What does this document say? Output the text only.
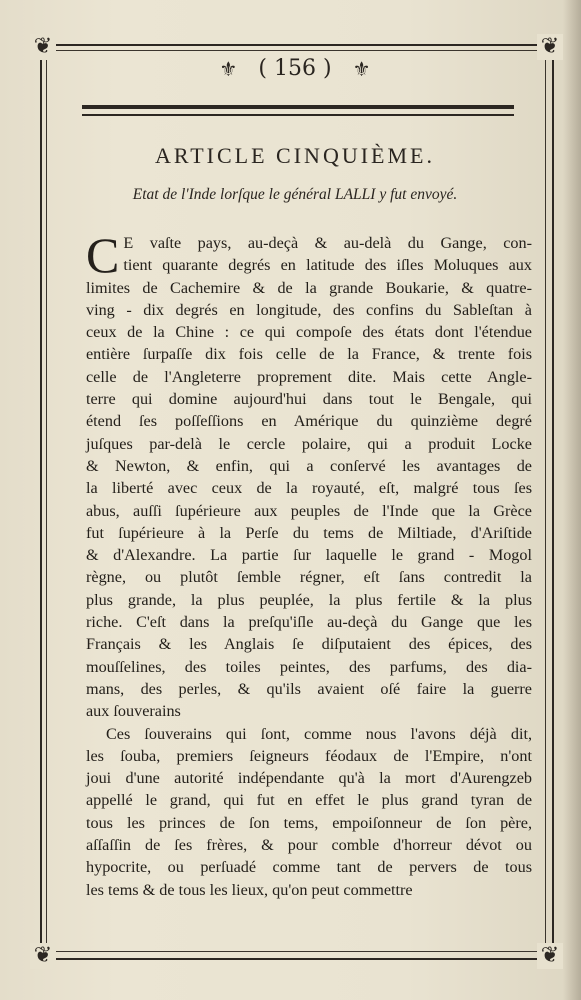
❦	❦
❦	❦
⚜ ( 156 ) ⚜
ARTICLE CINQUIÈME.
Etat de l'Inde lorſque le général LALLI y fut envoyé.
C E vaſte pays, au-deçà & au-delà du Gange, con-
tient quarante degrés en latitude des iſles Moluques aux
limites de Cachemire & de la grande Boukarie, & quatre-
ving - dix degrés en longitude, des confins du Sableſtan à
ceux de la Chine : ce qui compoſe des états dont l'étendue
entière ſurpaſſe dix fois celle de la France, & trente fois
celle de l'Angleterre proprement dite. Mais cette Angle-
terre qui domine aujourd'hui dans tout le Bengale, qui
étend ſes poſſeſſions en Amérique du quinzième degré
juſques par-delà le cercle polaire, qui a produit Locke
& Newton, & enfin, qui a conſervé les avantages de
la liberté avec ceux de la royauté, eſt, malgré tous ſes
abus, auſſi ſupérieure aux peuples de l'Inde que la Grèce
fut ſupérieure à la Perſe du tems de Miltiade, d'Ariſtide
& d'Alexandre. La partie ſur laquelle le grand - Mogol
règne, ou plutôt ſemble régner, eſt ſans contredit la
plus grande, la plus peuplée, la plus fertile & la plus
riche. C'eſt dans la preſqu'iſle au-deçà du Gange que les
Français & les Anglais ſe diſputaient des épices, des
mouſſelines, des toiles peintes, des parfums, des dia-
mans, des perles, & qu'ils avaient oſé faire la guerre
aux ſouverains
Ces ſouverains qui ſont, comme nous l'avons déjà dit,
les ſouba, premiers ſeigneurs féodaux de l'Empire, n'ont
joui d'une autorité indépendante qu'à la mort d'Aurengzeb
appellé le grand, qui fut en effet le plus grand tyran de
tous les princes de ſon tems, empoiſonneur de ſon père,
aſſaſſin de ſes frères, & pour comble d'horreur dévot ou
hypocrite, ou perſuadé comme tant de pervers de tous
les tems & de tous les lieux, qu'on peut commettre
